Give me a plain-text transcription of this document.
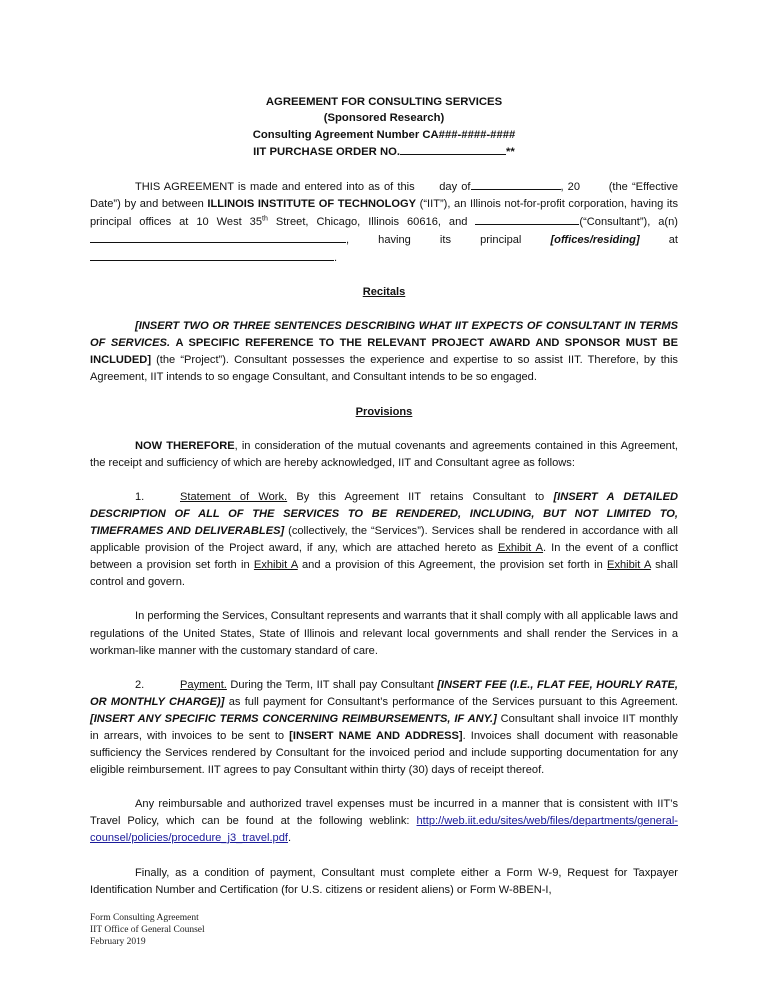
AGREEMENT FOR CONSULTING SERVICES
(Sponsored Research)
Consulting Agreement Number CA###-####-####
IIT PURCHASE ORDER NO.	**

THIS AGREEMENT is made and entered into as of this day of	, 20	(the “Effective Date”) by and between ILLINOIS INSTITUTE OF TECHNOLOGY (“IIT”), an Illinois not-for-profit corporation, having its principal offices at 10 West 35th Street, Chicago, Illinois 60616, and	(“Consultant”), a(n), having its principal	[offices/residing]	at.

Recitals

[INSERT TWO OR THREE SENTENCES DESCRIBING WHAT IIT EXPECTS OF CONSULTANT IN TERMS OF SERVICES. A SPECIFIC REFERENCE TO THE RELEVANT PROJECT AWARD AND SPONSOR MUST BE INCLUDED] (the “Project”). Consultant possesses the experience and expertise to so assist IIT. Therefore, by this Agreement, IIT intends to so engage Consultant, and Consultant intends to be so engaged.

Provisions

NOW THEREFORE, in consideration of the mutual covenants and agreements contained in this Agreement, the receipt and sufficiency of which are hereby acknowledged, IIT and Consultant agree as follows:

1.	Statement of Work. By this Agreement IIT retains Consultant to [INSERT A DETAILED DESCRIPTION OF ALL OF THE SERVICES TO BE RENDERED, INCLUDING, BUT NOT LIMITED TO, TIMEFRAMES AND DELIVERABLES] (collectively, the “Services”). Services shall be rendered in accordance with all applicable provision of the Project award, if any, which are attached hereto as Exhibit A. In the event of a conflict between a provision set forth in Exhibit A and a provision of this Agreement, the provision set forth in Exhibit A shall control and govern.

In performing the Services, Consultant represents and warrants that it shall comply with all applicable laws and regulations of the United States, State of Illinois and relevant local governments and shall render the Services in a workman-like manner with the customary standard of care.

2.	Payment. During the Term, IIT shall pay Consultant [INSERT FEE (I.E., FLAT FEE, HOURLY RATE, OR MONTHLY CHARGE)] as full payment for Consultant’s performance of the Services pursuant to this Agreement. [INSERT ANY SPECIFIC TERMS CONCERNING REIMBURSEMENTS, IF ANY.] Consultant shall invoice IIT monthly in arrears, with invoices to be sent to [INSERT NAME AND ADDRESS]. Invoices shall document with reasonable sufficiency the Services rendered by Consultant for the invoiced period and include supporting documentation for any eligible reimbursement. IIT agrees to pay Consultant within thirty (30) days of receipt thereof.

Any reimbursable and authorized travel expenses must be incurred in a manner that is consistent with IIT’s Travel Policy, which can be found at the following weblink: http://web.iit.edu/sites/web/files/departments/general-counsel/policies/procedure_j3_travel.pdf.

Finally, as a condition of payment, Consultant must complete either a Form W-9, Request for Taxpayer Identification Number and Certification (for U.S. citizens or resident aliens) or Form W-8BEN-I,

Form Consulting Agreement
IIT Office of General Counsel
February 2019
